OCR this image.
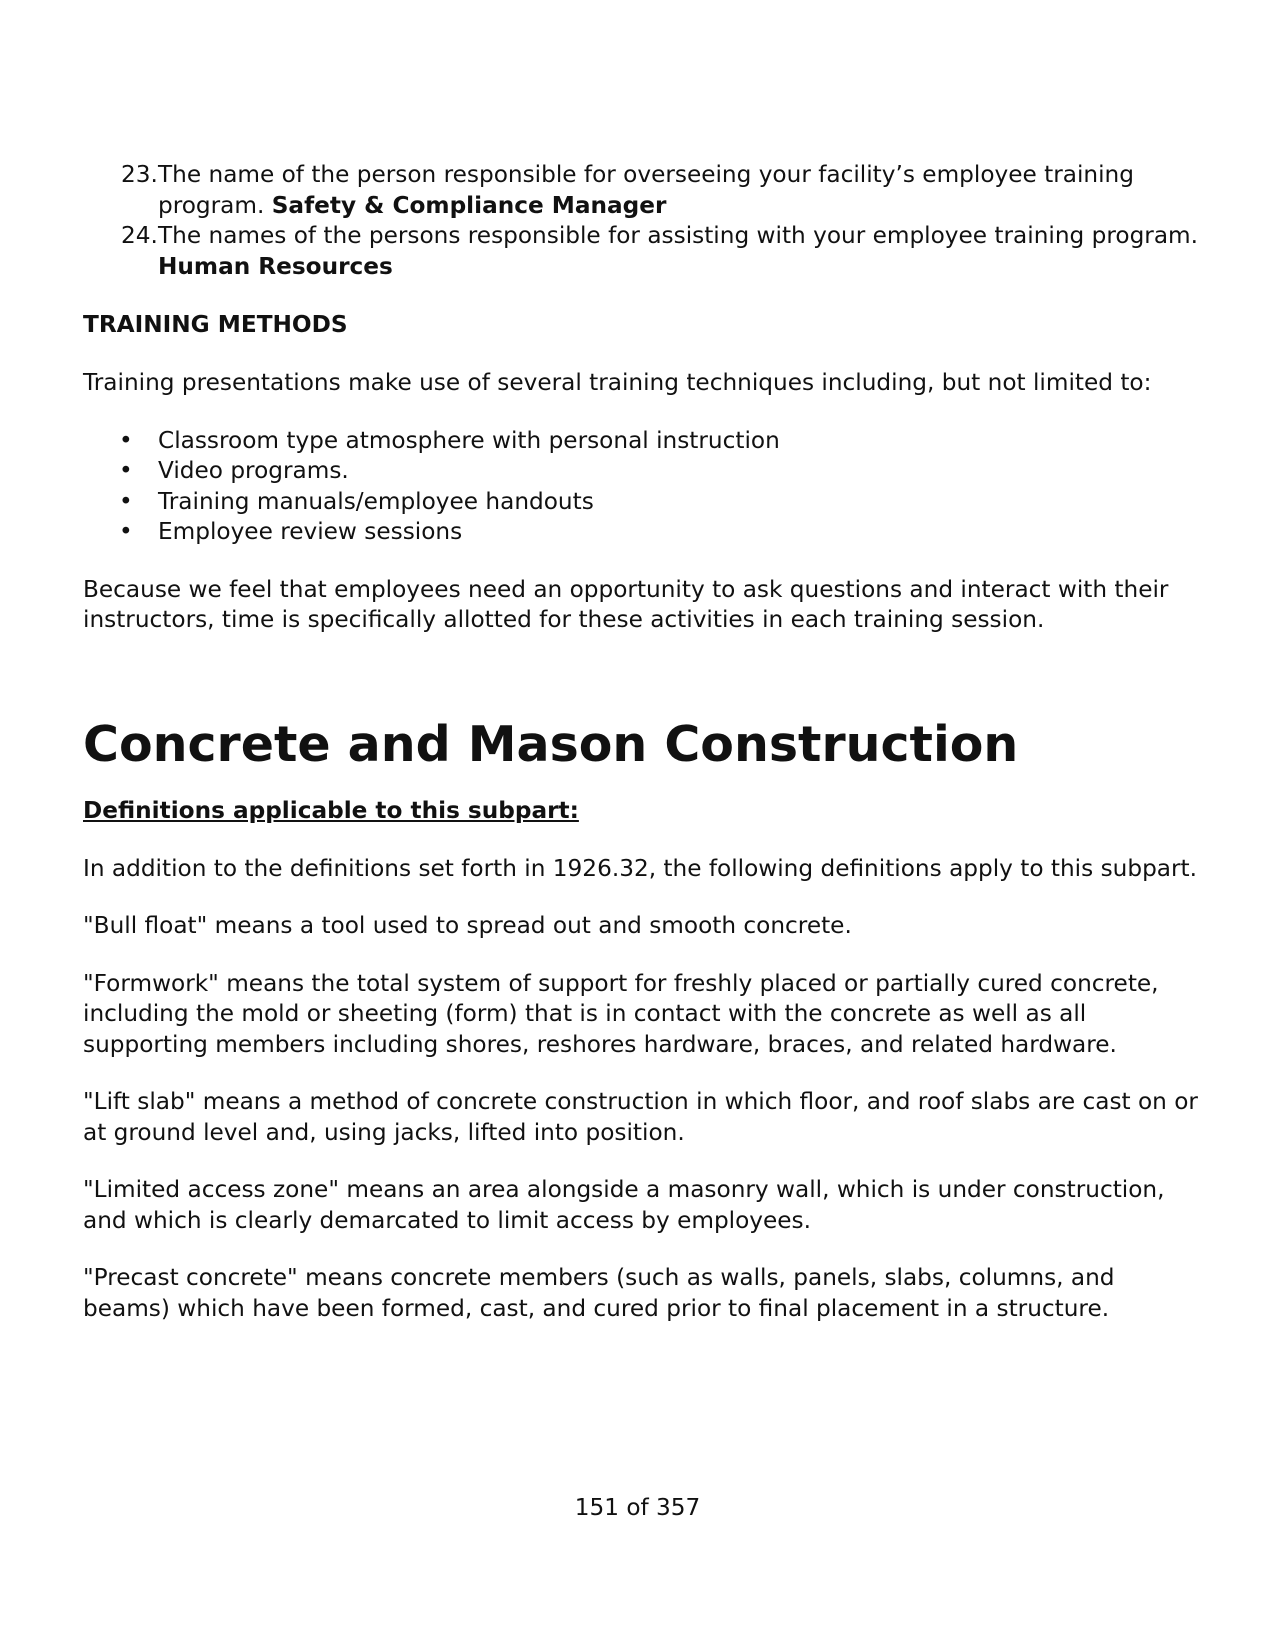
23. The name of the person responsible for overseeing your facility’s employee training program. Safety & Compliance Manager
24. The names of the persons responsible for assisting with your employee training program. Human Resources
TRAINING METHODS

Training presentations make use of several training techniques including, but not limited to:

• Classroom type atmosphere with personal instruction
• Video programs.
• Training manuals/employee handouts
• Employee review sessions

Because we feel that employees need an opportunity to ask questions and interact with their instructors, time is specifically allotted for these activities in each training session.

Concrete and Mason Construction
Definitions applicable to this subpart:

In addition to the definitions set forth in 1926.32, the following definitions apply to this subpart.

"Bull float" means a tool used to spread out and smooth concrete.

"Formwork" means the total system of support for freshly placed or partially cured concrete, including the mold or sheeting (form) that is in contact with the concrete as well as all supporting members including shores, reshores hardware, braces, and related hardware.

"Lift slab" means a method of concrete construction in which floor, and roof slabs are cast on or at ground level and, using jacks, lifted into position.

"Limited access zone" means an area alongside a masonry wall, which is under construction, and which is clearly demarcated to limit access by employees.

"Precast concrete" means concrete members (such as walls, panels, slabs, columns, and beams) which have been formed, cast, and cured prior to final placement in a structure.

151 of 357
